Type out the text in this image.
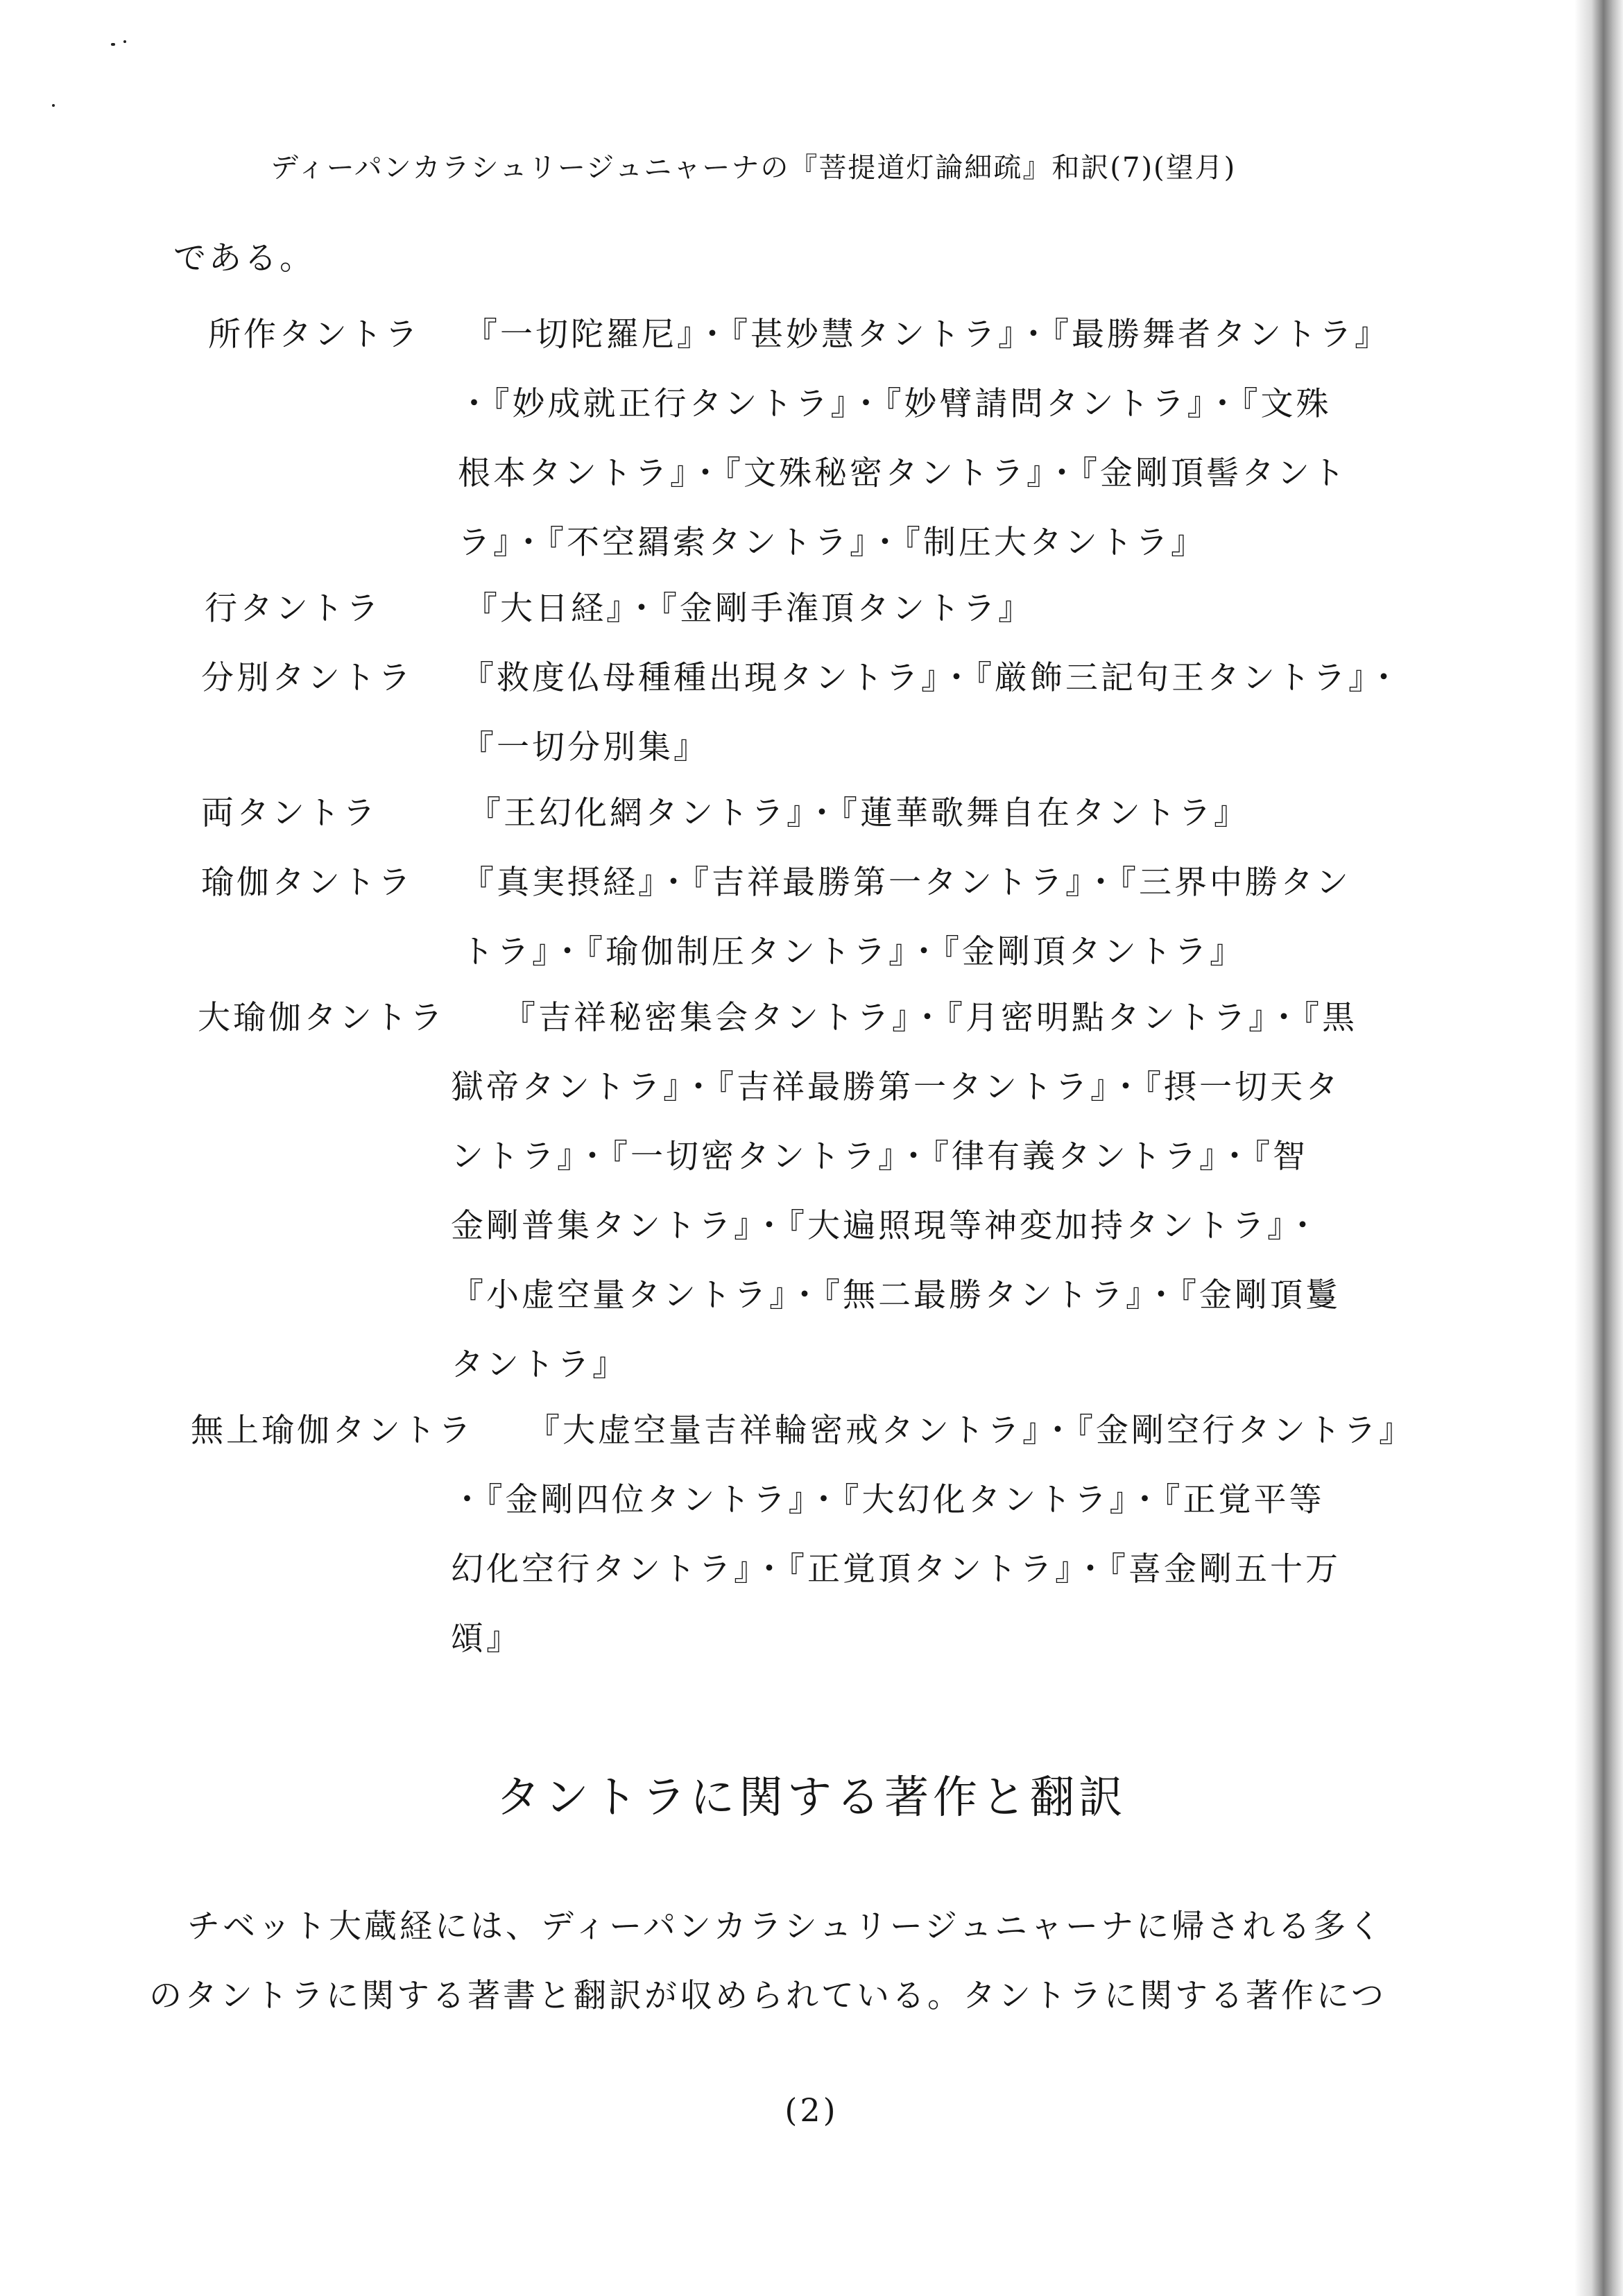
ディーパンカラシュリージュニャーナの『菩提道灯論細疏』和訳(7)(望月)
である。
所作タントラ 『一切陀羅尼』・『甚妙慧タントラ』・『最勝舞者タントラ』
・『妙成就正行タントラ』・『妙臂請問タントラ』・『文殊
根本タントラ』・『文殊秘密タントラ』・『金剛頂髻タント
ラ』・『不空羂索タントラ』・『制圧大タントラ』
行タントラ	『大日経』・『金剛手潅頂タントラ』
分別タントラ 『救度仏母種種出現タントラ』・『厳飾三記句王タントラ』・
『一切分別集』
両タントラ	『王幻化網タントラ』・『蓮華歌舞自在タントラ』
瑜伽タントラ 『真実摂経』・『吉祥最勝第一タントラ』・『三界中勝タン
トラ』・『瑜伽制圧タントラ』・『金剛頂タントラ』
大瑜伽タントラ 『吉祥秘密集会タントラ』・『月密明點タントラ』・『黒
獄帝タントラ』・『吉祥最勝第一タントラ』・『摂一切天タ
ントラ』・『一切密タントラ』・『律有義タントラ』・『智
金剛普集タントラ』・『大遍照現等神変加持タントラ』・
『小虚空量タントラ』・『無二最勝タントラ』・『金剛頂鬘
タントラ』
無上瑜伽タントラ 『大虚空量吉祥輪密戒タントラ』・『金剛空行タントラ』
・『金剛四位タントラ』・『大幻化タントラ』・『正覚平等
幻化空行タントラ』・『正覚頂タントラ』・『喜金剛五十万
頌』
タントラに関する著作と翻訳
チベット大蔵経には、ディーパンカラシュリージュニャーナに帰される多く
のタントラに関する著書と翻訳が収められている。タントラに関する著作につ
(2)
